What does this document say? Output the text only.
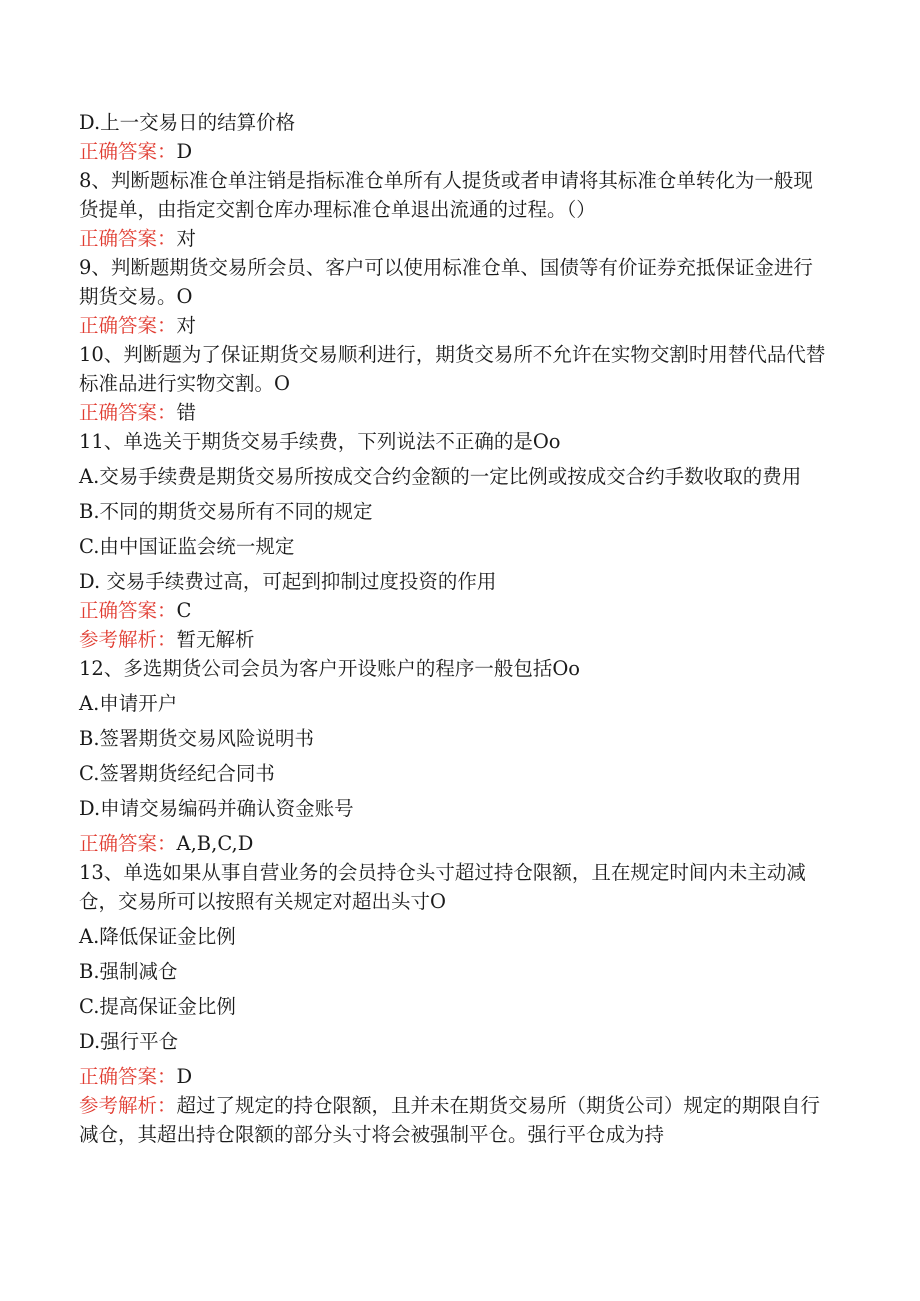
D.上一交易日的结算价格

正确答案：D

8、判断题标准仓单注销是指标准仓单所有人提货或者申请将其标准仓单转化为一般现货提单，由指定交割仓库办理标准仓单退出流通的过程。（）

正确答案：对

9、判断题期货交易所会员、客户可以使用标准仓单、国债等有价证券充抵保证金进行期货交易。O

正确答案：对

10、判断题为了保证期货交易顺利进行，期货交易所不允许在实物交割时用替代品代替标准品进行实物交割。O

正确答案：错

11、单选关于期货交易手续费，下列说法不正确的是Oo

A.交易手续费是期货交易所按成交合约金额的一定比例或按成交合约手数收取的费用

B.不同的期货交易所有不同的规定

C.由中国证监会统一规定

D. 交易手续费过高，可起到抑制过度投资的作用

正确答案：C

参考解析：暂无解析

12、多选期货公司会员为客户开设账户的程序一般包括Oo

A.申请开户

B.签署期货交易风险说明书

C.签署期货经纪合同书

D.申请交易编码并确认资金账号

正确答案：A,B,C,D

13、单选如果从事自营业务的会员持仓头寸超过持仓限额，且在规定时间内未主动减仓，交易所可以按照有关规定对超出头寸O

A.降低保证金比例

B.强制减仓

C.提高保证金比例

D.强行平仓

正确答案：D

参考解析：超过了规定的持仓限额，且并未在期货交易所（期货公司）规定的期限自行减仓，其超出持仓限额的部分头寸将会被强制平仓。强行平仓成为持
